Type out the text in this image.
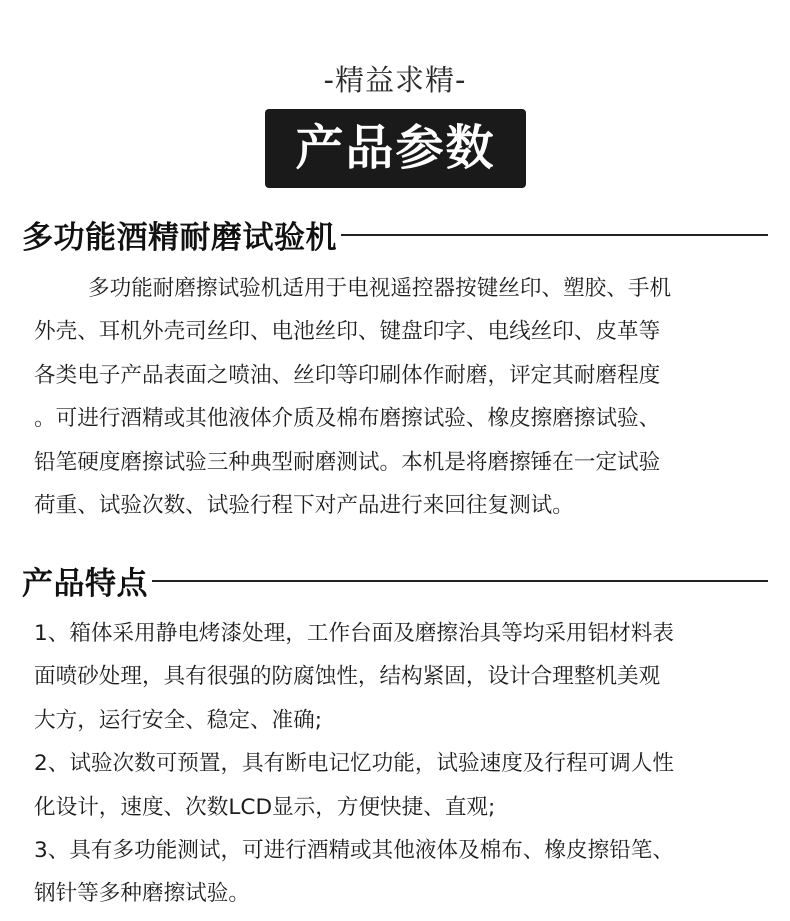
-精益求精-
产品参数
多功能酒精耐磨试验机
多功能耐磨擦试验机适用于电视遥控器按键丝印、塑胶、手机
外壳、耳机外壳司丝印、电池丝印、键盘印字、电线丝印、皮革等
各类电子产品表面之喷油、丝印等印刷体作耐磨，评定其耐磨程度
。可进行酒精或其他液体介质及棉布磨擦试验、橡皮擦磨擦试验、
铅笔硬度磨擦试验三种典型耐磨测试。本机是将磨擦锤在一定试验
荷重、试验次数、试验行程下对产品进行来回往复测试。
产品特点
1、箱体采用静电烤漆处理，工作台面及磨擦治具等均采用铝材料表
面喷砂处理，具有很强的防腐蚀性，结构紧固，设计合理整机美观
大方，运行安全、稳定、准确;
2、试验次数可预置，具有断电记忆功能，试验速度及行程可调人性
化设计，速度、次数LCD显示，方便快捷、直观;
3、具有多功能测试，可进行酒精或其他液体及棉布、橡皮擦铅笔、
钢针等多种磨擦试验。
